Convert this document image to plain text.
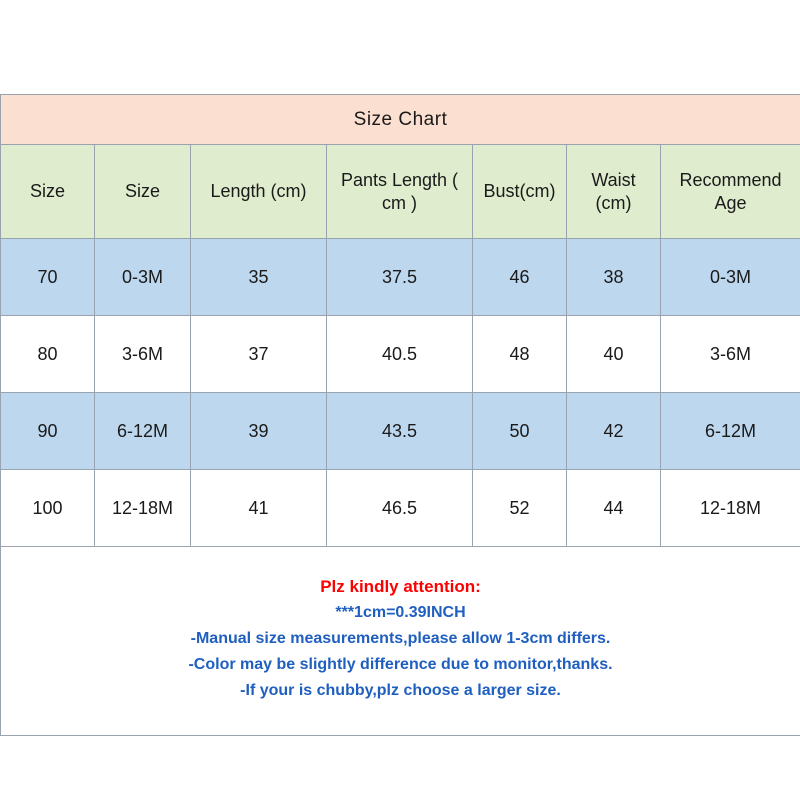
Size Chart						
Size	Size	Length (cm)	Pants Length ( cm )	Bust(cm)	Waist (cm)	Recommend Age
70	0-3M	35	37.5	46	38	0-3M
80	3-6M	37	40.5	48	40	3-6M
90	6-12M	39	43.5	50	42	6-12M
100	12-18M	41	46.5	52	44	12-18M

Plz kindly attention:
***1cm=0.39INCH
-Manual size measurements,please allow 1-3cm differs.
-Color may be slightly difference due to monitor,thanks.
-If your is chubby,plz choose a larger size.						
